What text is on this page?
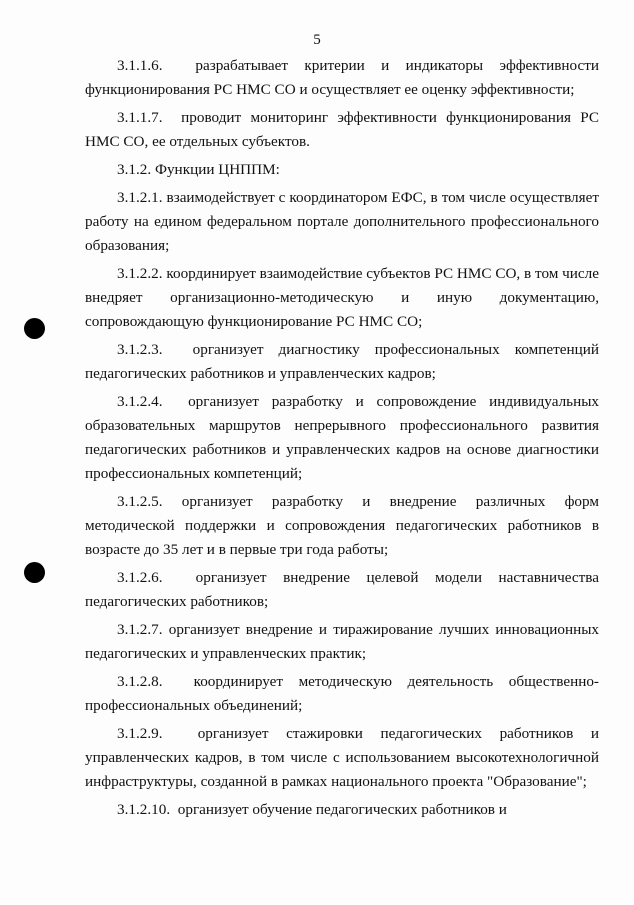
5

3.1.1.6.  разрабатывает критерии и индикаторы эффективности функционирования РС НМС СО и осуществляет ее оценку эффективности;

3.1.1.7.  проводит мониторинг эффективности функционирования РС НМС СО, ее отдельных субъектов.

3.1.2. Функции ЦНППМ:

3.1.2.1. взаимодействует с координатором ЕФС, в том числе осуществляет работу на едином федеральном портале дополнительного профессионального образования;

3.1.2.2. координирует взаимодействие субъектов РС НМС СО, в том числе внедряет организационно-методическую и иную документацию, сопровождающую функционирование РС НМС СО;

3.1.2.3.  организует диагностику профессиональных компетенций педагогических работников и управленческих кадров;

3.1.2.4.  организует разработку и сопровождение индивидуальных образовательных маршрутов непрерывного профессионального развития педагогических работников и управленческих кадров на основе диагностики профессиональных компетенций;

3.1.2.5. организует разработку и внедрение различных форм методической поддержки и сопровождения педагогических работников в возрасте до 35 лет и в первые три года работы;

3.1.2.6.  организует внедрение целевой модели наставничества педагогических работников;

3.1.2.7. организует внедрение и тиражирование лучших инновационных педагогических и управленческих практик;

3.1.2.8.  координирует методическую деятельность общественно-профессиональных объединений;

3.1.2.9.  организует стажировки педагогических работников и управленческих кадров, в том числе с использованием высокотехнологичной инфраструктуры, созданной в рамках национального проекта "Образование";

3.1.2.10.  организует обучение педагогических работников и
